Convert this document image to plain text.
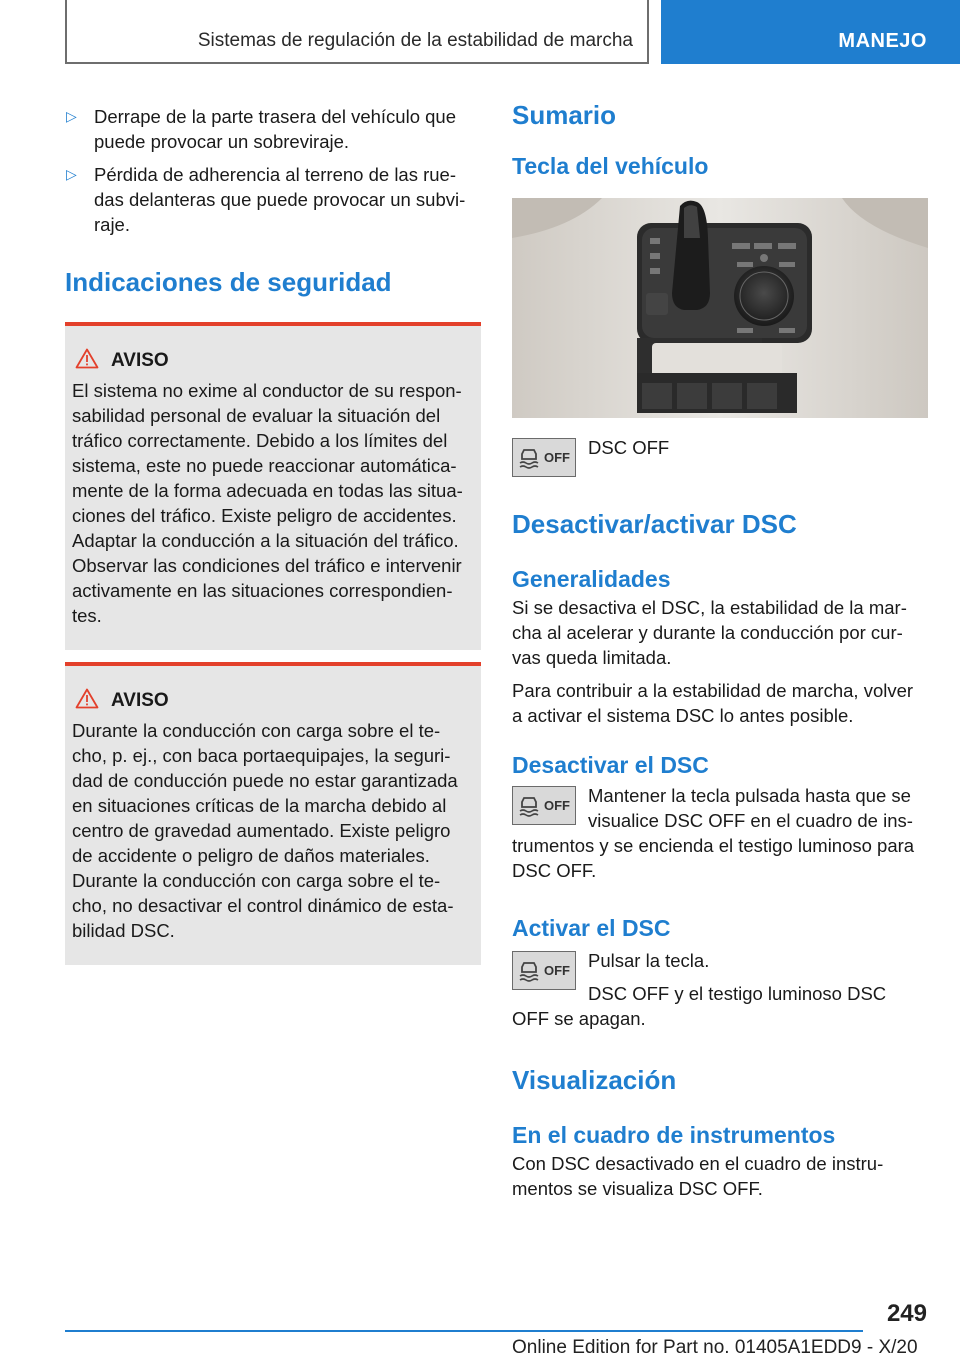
Sistemas de regulación de la estabilidad de marcha	MANEJO
▷ Derrape de la parte trasera del vehículo que puede provocar un sobreviraje.
▷ Pérdida de adherencia al terreno de las rue-das delanteras que puede provocar un subvi-raje.
Indicaciones de seguridad
AVISO

El sistema no exime al conductor de su respon-
sabilidad personal de evaluar la situación del
tráfico correctamente. Debido a los límites del
sistema, este no puede reaccionar automática-
mente de la forma adecuada en todas las situa-
ciones del tráfico. Existe peligro de accidentes.
Adaptar la conducción a la situación del tráfico.
Observar las condiciones del tráfico e intervenir
activamente en las situaciones correspondien-
tes.

AVISO

Durante la conducción con carga sobre el te-
cho, p. ej., con baca portaequipajes, la seguri-
dad de conducción puede no estar garantizada
en situaciones críticas de la marcha debido al
centro de gravedad aumentado. Existe peligro
de accidente o peligro de daños materiales.
Durante la conducción con carga sobre el te-
cho, no desactivar el control dinámico de esta-
bilidad DSC.

Sumario
Tecla del vehículo
OFF DSC OFF

Desactivar/activar DSC
Generalidades

Si se desactiva el DSC, la estabilidad de la mar-
cha al acelerar y durante la conducción por cur-
vas queda limitada.

Para contribuir a la estabilidad de marcha, volver
a activar el sistema DSC lo antes posible.

Desactivar el DSC
OFF Mantener la tecla pulsada hasta que se
visualice DSC OFF en el cuadro de ins-
trumentos y se encienda el testigo luminoso para
DSC OFF.

Activar el DSC
OFF Pulsar la tecla.

DSC OFF y el testigo luminoso DSC
OFF se apagan.

Visualización
En el cuadro de instrumentos

Con DSC desactivado en el cuadro de instru-
mentos se visualiza DSC OFF.

249
Online Edition for Part no. 01405A1EDD9 - X/20
